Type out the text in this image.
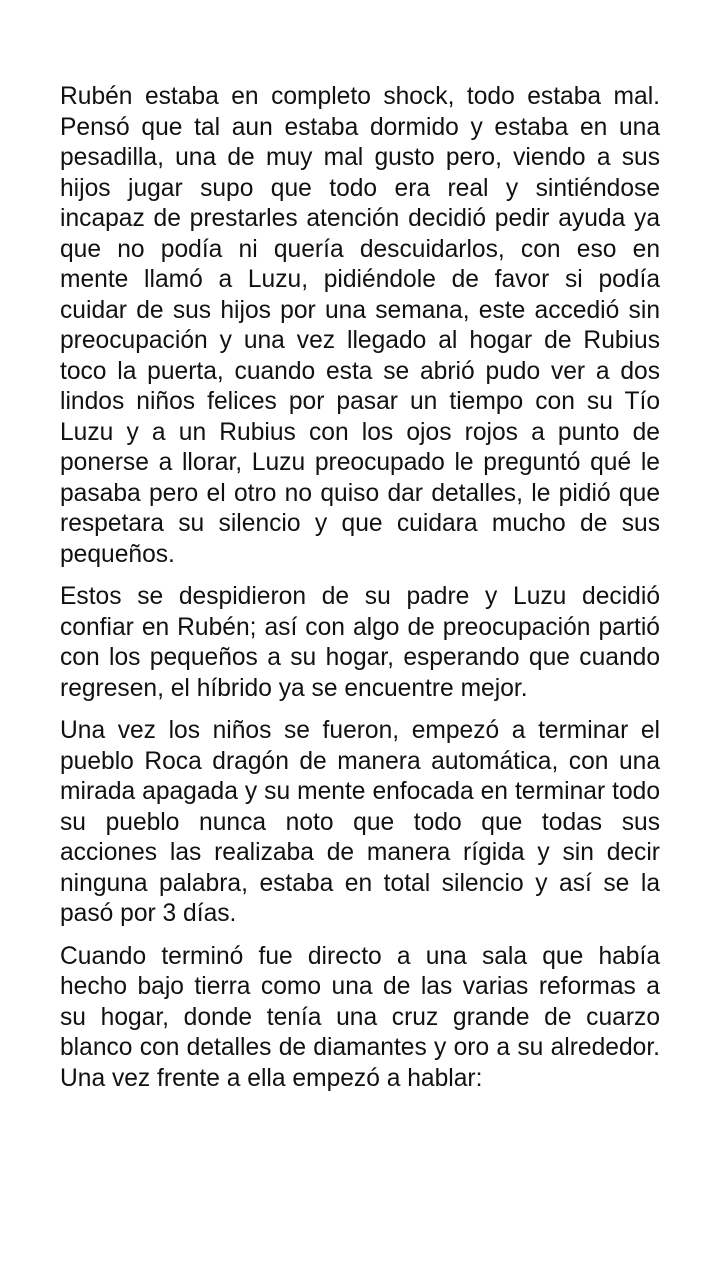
Rubén estaba en completo shock, todo estaba mal. Pensó que tal aun estaba dormido y estaba en una pesadilla, una de muy mal gusto pero, viendo a sus hijos jugar supo que todo era real y sintiéndose incapaz de prestarles atención decidió pedir ayuda ya que no podía ni quería descuidarlos, con eso en mente llamó a Luzu, pidiéndole de favor si podía cuidar de sus hijos por una semana, este accedió sin preocupación y una vez llegado al hogar de Rubius toco la puerta, cuando esta se abrió pudo ver a dos lindos niños felices por pasar un tiempo con su Tío Luzu y a un Rubius con los ojos rojos a punto de ponerse a llorar, Luzu preocupado le preguntó qué le pasaba pero el otro no quiso dar detalles, le pidió que respetara su silencio y que cuidara mucho de sus pequeños.

Estos se despidieron de su padre y Luzu decidió confiar en Rubén; así con algo de preocupación partió con los pequeños a su hogar, esperando que cuando regresen, el híbrido ya se encuentre mejor.

Una vez los niños se fueron, empezó a terminar el pueblo Roca dragón de manera automática, con una mirada apagada y su mente enfocada en terminar todo su pueblo nunca noto que todo que todas sus acciones las realizaba de manera rígida y sin decir ninguna palabra, estaba en total silencio y así se la pasó por 3 días.

Cuando terminó fue directo a una sala que había hecho bajo tierra como una de las varias reformas a su hogar, donde tenía una cruz grande de cuarzo blanco con detalles de diamantes y oro a su alrededor. Una vez frente a ella empezó a hablar:
